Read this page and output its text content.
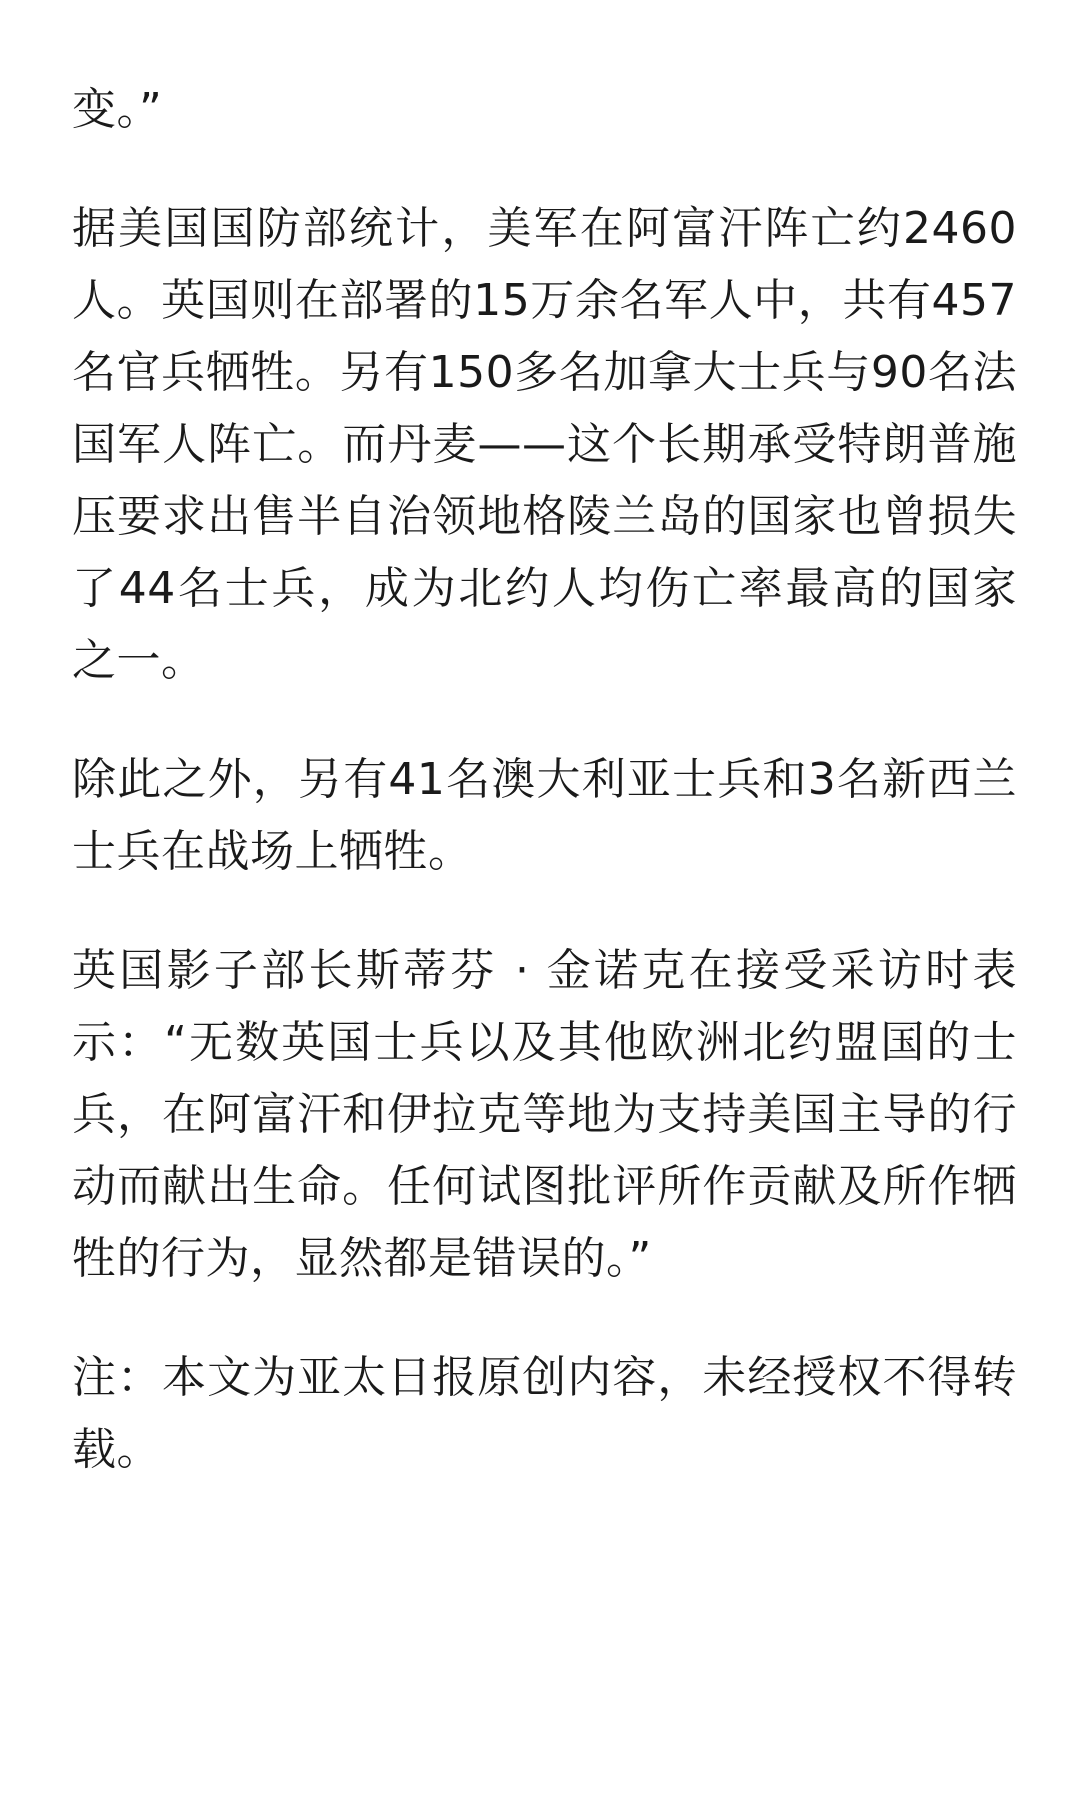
变。”

据美国国防部统计，美军在阿富汗阵亡约2460人。英国则在部署的15万余名军人中，共有457名官兵牺牲。另有150多名加拿大士兵与90名法国军人阵亡。而丹麦——这个长期承受特朗普施压要求出售半自治领地格陵兰岛的国家也曾损失了44名士兵，成为北约人均伤亡率最高的国家之一。

除此之外，另有41名澳大利亚士兵和3名新西兰士兵在战场上牺牲。

英国影子部长斯蒂芬 · 金诺克在接受采访时表示：“无数英国士兵以及其他欧洲北约盟国的士兵，在阿富汗和伊拉克等地为支持美国主导的行动而献出生命。任何试图批评所作贡献及所作牺牲的行为，显然都是错误的。”

注：本文为亚太日报原创内容，未经授权不得转载。
